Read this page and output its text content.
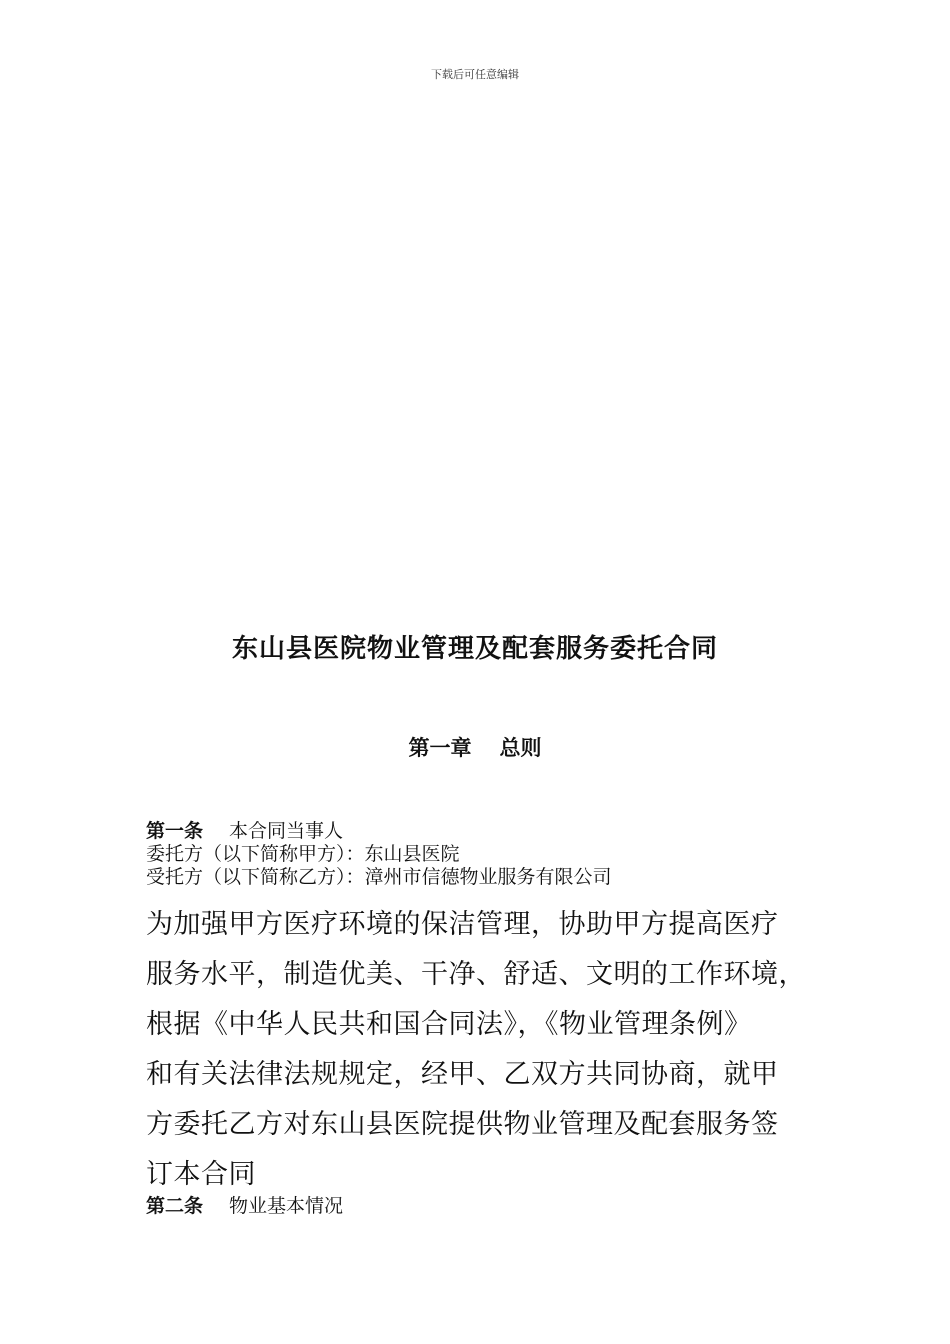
下载后可任意编辑
东山县医院物业管理及配套服务委托合同
第一章 总则
第一条 本合同当事人
委托方（以下简称甲方）：东山县医院
受托方（以下简称乙方）：漳州市信德物业服务有限公司
为加强甲方医疗环境的保洁管理，协助甲方提高医疗
服务水平，制造优美、干净、舒适、文明的工作环境，
根据《中华人民共和国合同法》，《物业管理条例》
和有关法律法规规定，经甲、乙双方共同协商，就甲
方委托乙方对东山县医院提供物业管理及配套服务签
订本合同
第二条 物业基本情况
